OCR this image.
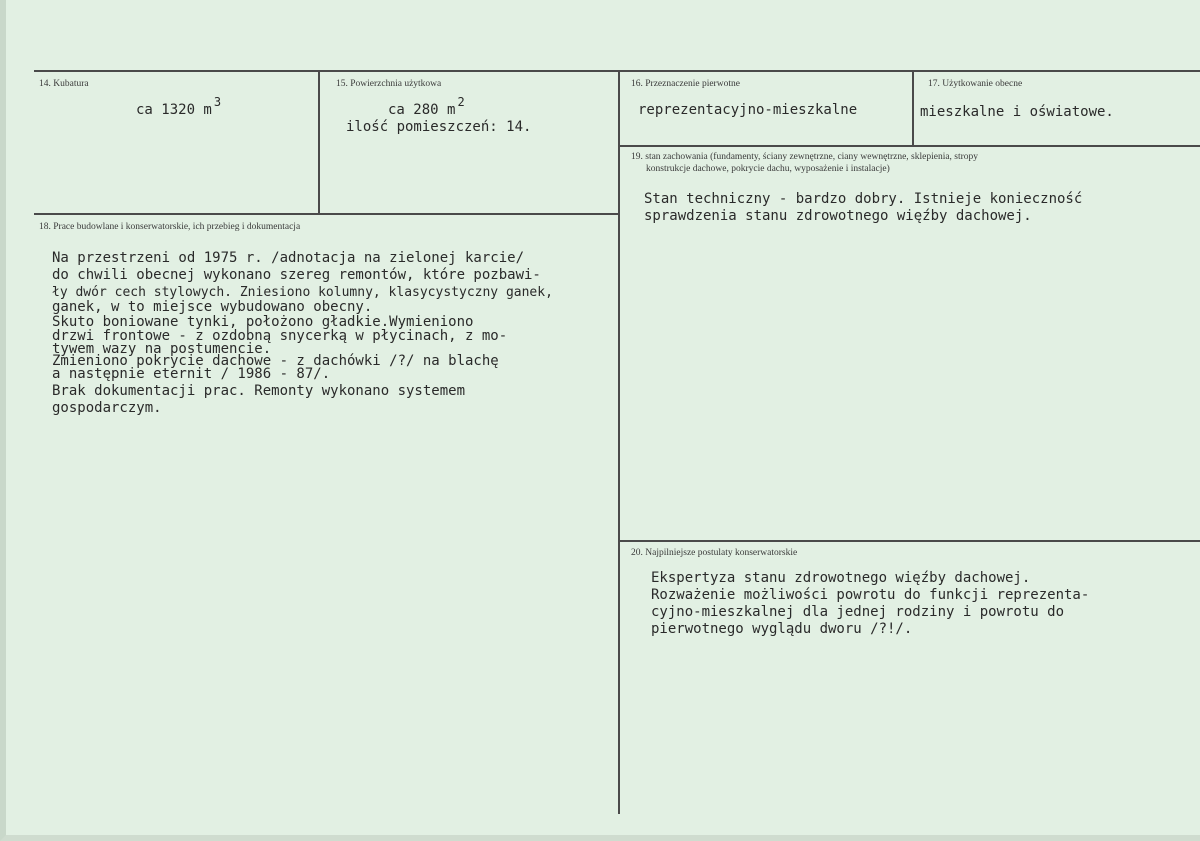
14. Kubatura
ca 1320 m 3
15. Powierzchnia użytkowa
ca 280 m 2
ilość pomieszczeń: 14.
16. Przeznaczenie pierwotne
reprezentacyjno-mieszkalne
17. Użytkowanie obecne
mieszkalne i oświatowe.
19. stan zachowania (fundamenty, ściany zewnętrzne, ciany wewnętrzne, sklepienia, stropy
konstrukcje dachowe, pokrycie dachu, wyposażenie i instalacje)
Stan techniczny - bardzo dobry. Istnieje konieczność
sprawdzenia stanu zdrowotnego więźby dachowej.
18. Prace budowlane i konserwatorskie, ich przebieg i dokumentacja
Na przestrzeni od 1975 r. /adnotacja na zielonej karcie/
do chwili obecnej wykonano szereg remontów, które pozbawi-
ły dwór cech stylowych. Zniesiono kolumny, klasycystyczny ganek,
ganek, w to miejsce wybudowano obecny.
Skuto boniowane tynki, położono gładkie.Wymieniono
drzwi frontowe - z ozdobną snycerką w płycinach, z mo-
tywem wazy na postumencie.
Zmieniono pokrycie dachowe - z dachówki /?/ na blachę
a następnie eternit / 1986 - 87/.
Brak dokumentacji prac. Remonty wykonano systemem
gospodarczym.
20. Najpilniejsze postulaty konserwatorskie
Ekspertyza stanu zdrowotnego więźby dachowej.
Rozważenie możliwości powrotu do funkcji reprezenta-
cyjno-mieszkalnej dla jednej rodziny i powrotu do
pierwotnego wyglądu dworu /?!/.
